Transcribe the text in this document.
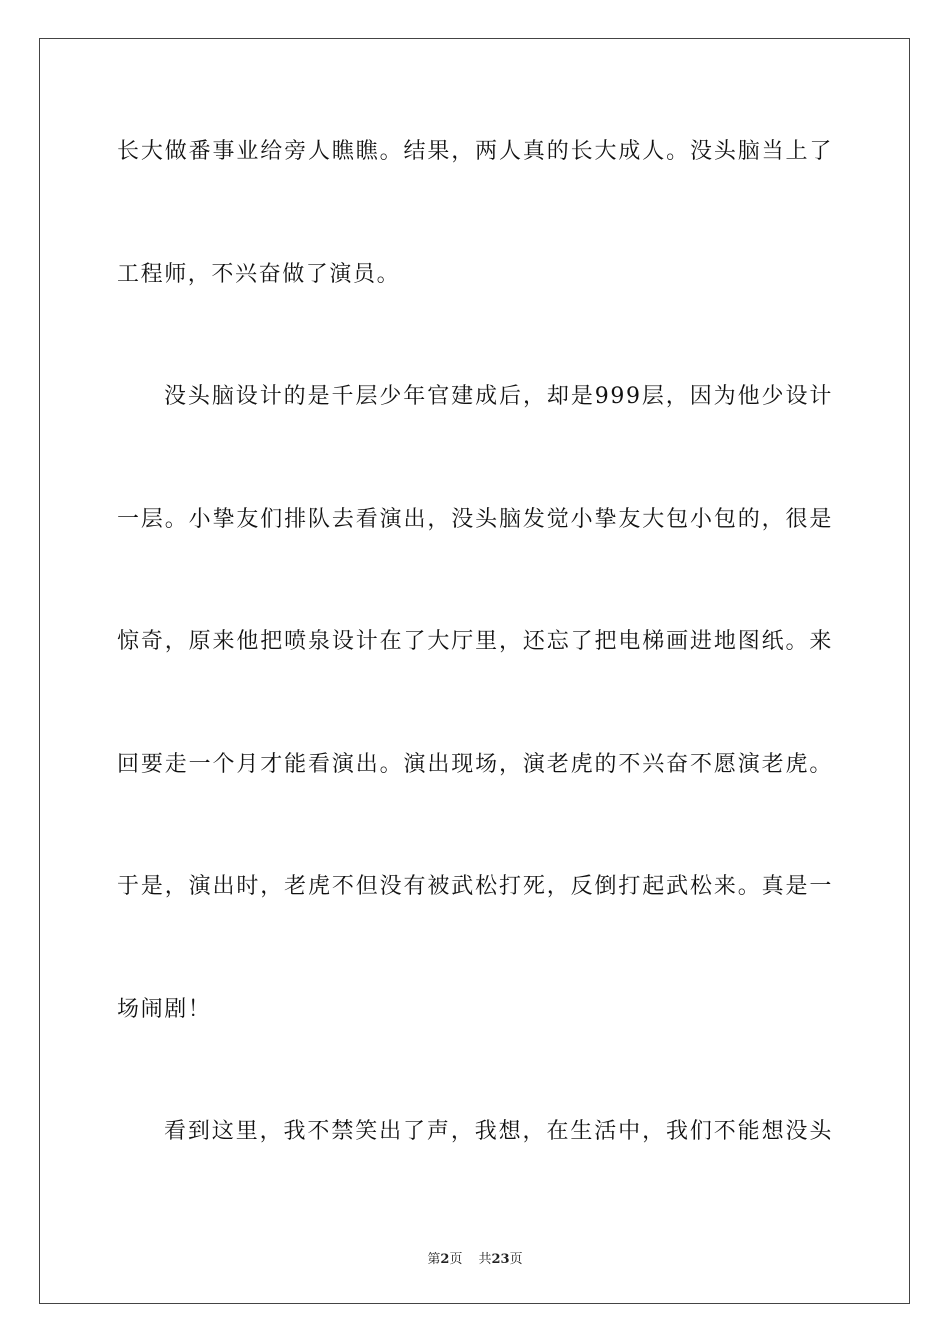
长大做番事业给旁人瞧瞧。结果，两人真的长大成人。没头脑当上了
工程师，不兴奋做了演员。
没头脑设计的是千层少年官建成后，却是999层，因为他少设计
一层。小挚友们排队去看演出，没头脑发觉小挚友大包小包的，很是
惊奇，原来他把喷泉设计在了大厅里，还忘了把电梯画进地图纸。来
回要走一个月才能看演出。演出现场，演老虎的不兴奋不愿演老虎。
于是，演出时，老虎不但没有被武松打死，反倒打起武松来。真是一
场闹剧！
看到这里，我不禁笑出了声，我想，在生活中，我们不能想没头
第2页 共23页
